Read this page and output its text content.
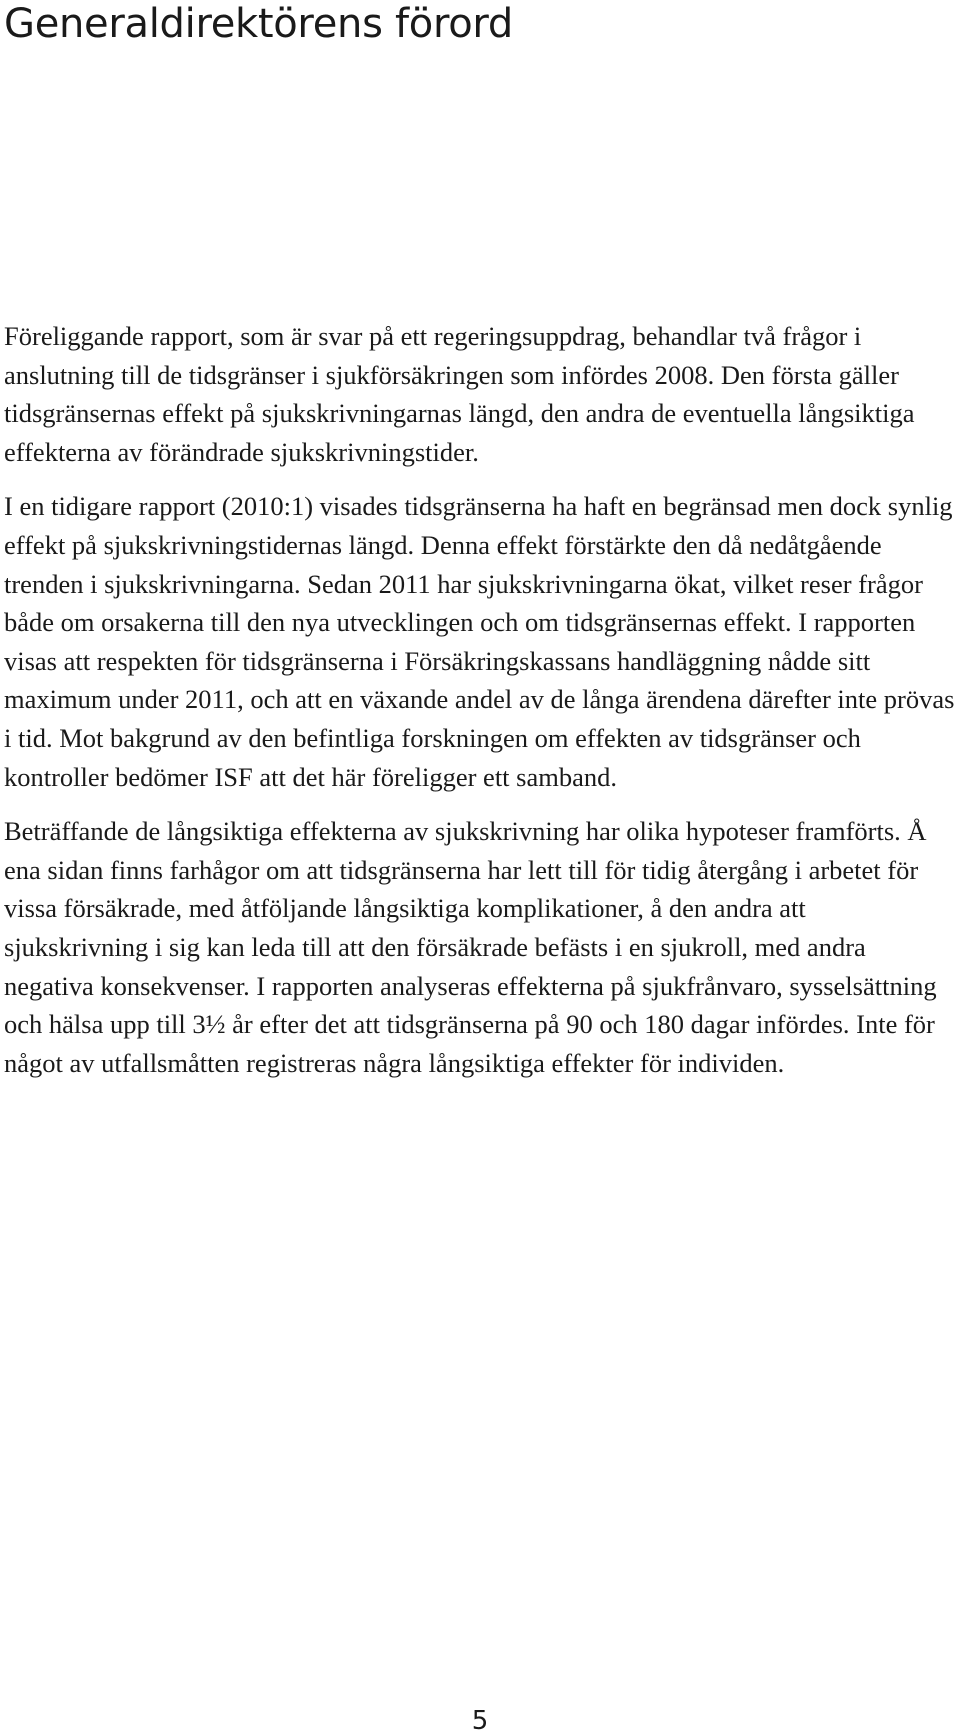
Generaldirektörens förord

Föreliggande rapport, som är svar på ett regeringsuppdrag, behandlar två frågor i anslutning till de tidsgränser i sjukförsäkringen som infördes 2008. Den första gäller tidsgränsernas effekt på sjukskrivningarnas längd, den andra de eventuella långsiktiga effekterna av förändrade sjukskrivningstider.

I en tidigare rapport (2010:1) visades tidsgränserna ha haft en begränsad men dock synlig effekt på sjukskrivningstidernas längd. Denna effekt förstärkte den då nedåtgående trenden i sjukskrivningarna. Sedan 2011 har sjukskrivningarna ökat, vilket reser frågor både om orsakerna till den nya utvecklingen och om tidsgränsernas effekt. I rapporten visas att respekten för tidsgränserna i Försäkringskassans handläggning nådde sitt maximum under 2011, och att en växande andel av de långa ärendena därefter inte prövas i tid. Mot bakgrund av den befintliga forskningen om effekten av tidsgränser och kontroller bedömer ISF att det här föreligger ett samband.

Beträffande de långsiktiga effekterna av sjukskrivning har olika hypoteser framförts. Å ena sidan finns farhågor om att tidsgränserna har lett till för tidig återgång i arbetet för vissa försäkrade, med åtföljande långsiktiga komplikationer, å den andra att sjukskrivning i sig kan leda till att den försäkrade befästs i en sjukroll, med andra negativa konsekvenser. I rapporten analyseras effekterna på sjukfrånvaro, sysselsättning och hälsa upp till 3½ år efter det att tidsgränserna på 90 och 180 dagar infördes. Inte för något av utfallsmåtten registreras några långsiktiga effekter för individen.

5
